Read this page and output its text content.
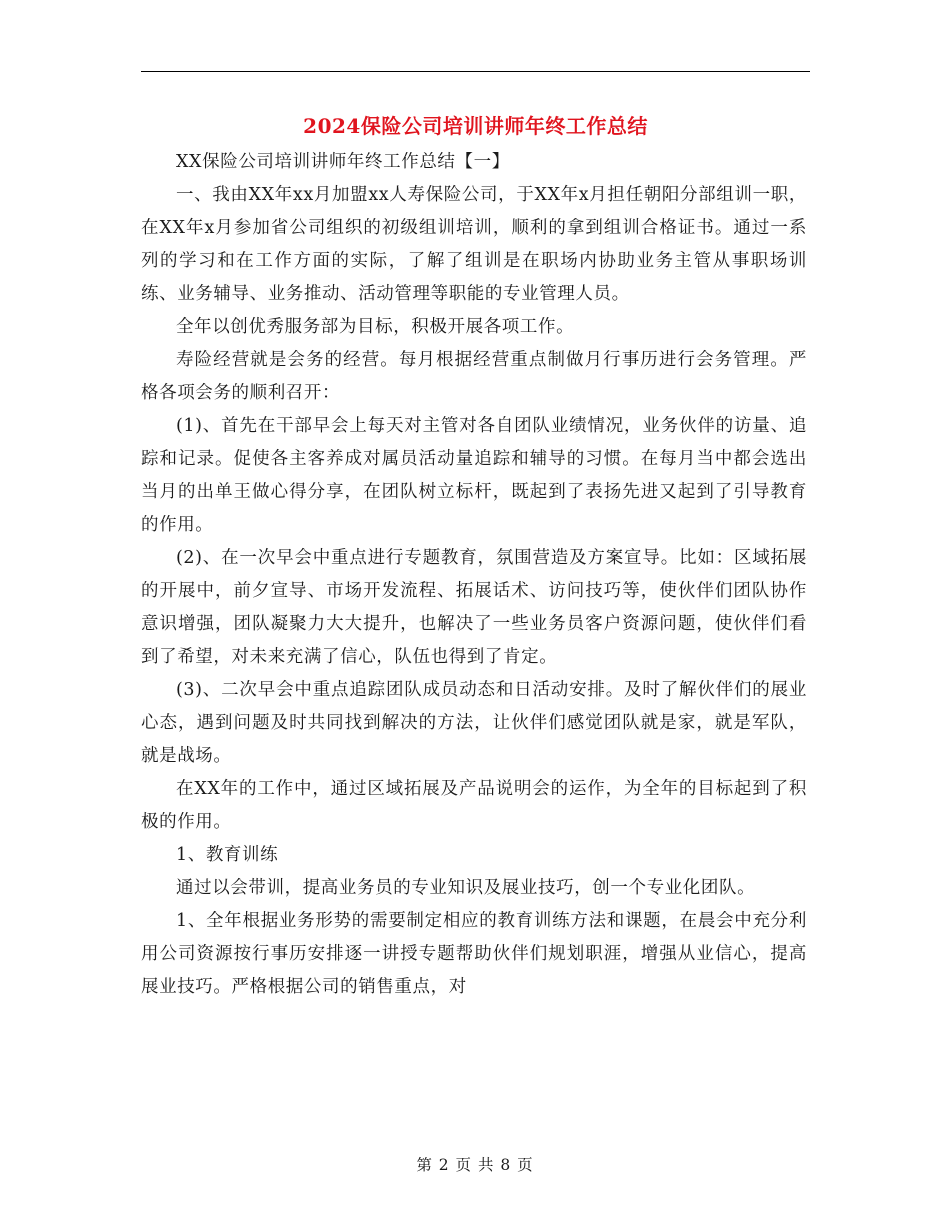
2024保险公司培训讲师年终工作总结

XX保险公司培训讲师年终工作总结【一】

一、我由XX年xx月加盟xx人寿保险公司，于XX年x月担任朝阳分部组训一职，在XX年x月参加省公司组织的初级组训培训，顺利的拿到组训合格证书。通过一系列的学习和在工作方面的实际，了解了组训是在职场内协助业务主管从事职场训练、业务辅导、业务推动、活动管理等职能的专业管理人员。

全年以创优秀服务部为目标，积极开展各项工作。

寿险经营就是会务的经营。每月根据经营重点制做月行事历进行会务管理。严格各项会务的顺利召开：

(1)、首先在干部早会上每天对主管对各自团队业绩情况，业务伙伴的访量、追踪和记录。促使各主客养成对属员活动量追踪和辅导的习惯。在每月当中都会选出当月的出单王做心得分享，在团队树立标杆，既起到了表扬先进又起到了引导教育的作用。

(2)、在一次早会中重点进行专题教育，氛围营造及方案宣导。比如：区域拓展的开展中，前夕宣导、市场开发流程、拓展话术、访问技巧等，使伙伴们团队协作意识增强，团队凝聚力大大提升，也解决了一些业务员客户资源问题，使伙伴们看到了希望，对未来充满了信心，队伍也得到了肯定。

(3)、二次早会中重点追踪团队成员动态和日活动安排。及时了解伙伴们的展业心态，遇到问题及时共同找到解决的方法，让伙伴们感觉团队就是家，就是军队，就是战场。

在XX年的工作中，通过区域拓展及产品说明会的运作，为全年的目标起到了积极的作用。

1、教育训练

通过以会带训，提高业务员的专业知识及展业技巧，创一个专业化团队。

1、全年根据业务形势的需要制定相应的教育训练方法和课题，在晨会中充分利用公司资源按行事历安排逐一讲授专题帮助伙伴们规划职涯，增强从业信心，提高展业技巧。严格根据公司的销售重点，对

第 2 页 共 8 页
